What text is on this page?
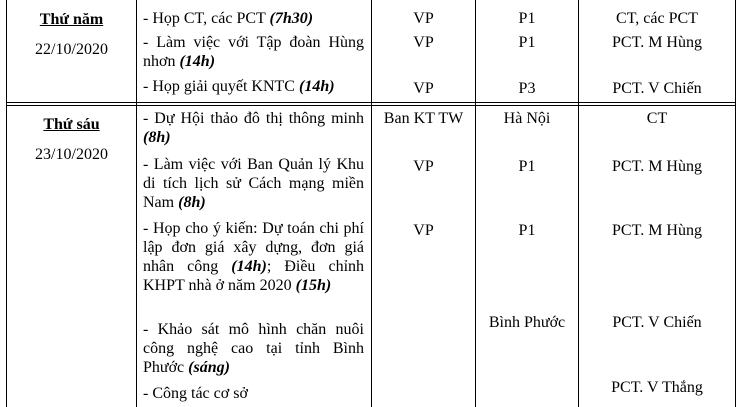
Thứ năm
22/10/2020
- Họp CT, các PCT (7h30)
- Làm việc với Tập đoàn Hùng nhơn (14h)
- Họp giải quyết KNTC (14h)
VP
VP
VP
P1
P1
P3
CT, các PCT
PCT. M Hùng
PCT. V Chiến
Thứ sáu
23/10/2020
- Dự Hội thảo đô thị thông minh (8h)
- Làm việc với Ban Quản lý Khu di tích lịch sử Cách mạng miền Nam (8h)
- Họp cho ý kiến: Dự toán chi phí lập đơn giá xây dựng, đơn giá nhân công (14h); Điều chỉnh KHPT nhà ở năm 2020 (15h)
- Khảo sát mô hình chăn nuôi công nghệ cao tại tỉnh Bình Phước (sáng)
- Công tác cơ sở
Ban KT TW
VP
VP
Hà Nội
P1
P1
Bình Phước
CT
PCT. M Hùng
PCT. M Hùng
PCT. V Chiến
PCT. V Thắng
